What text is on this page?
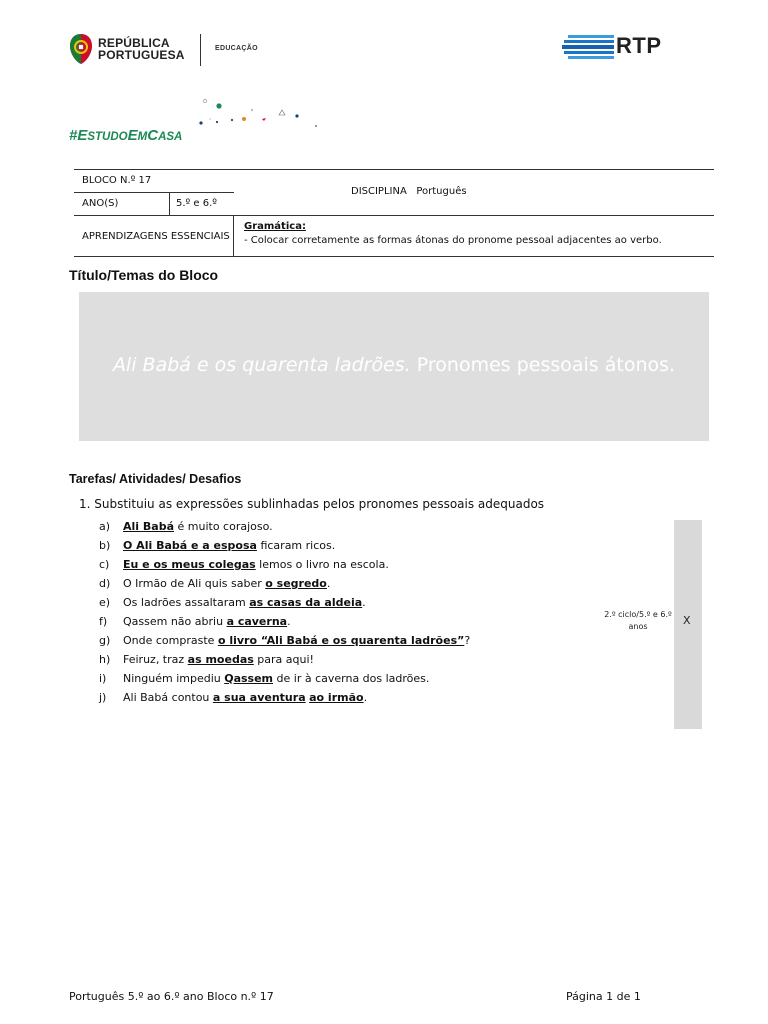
REPÚBLICA
PORTUGUESA	EDUCAÇÃO	RTP
#ESTUDOEMCASA
BLOCO N.º 17
ANO(S)	5.º e 6.º
DISCIPLINA Português
APRENDIZAGENS ESSENCIAIS
Gramática:
- Colocar corretamente as formas átonas do pronome pessoal adjacentes ao verbo.
Título/Temas do Bloco
Ali Babá e os quarenta ladrões. Pronomes pessoais átonos.
Tarefas/ Atividades/ Desafios
1. Substituiu as expressões sublinhadas pelos pronomes pessoais adequados
a)	Ali Babá é muito corajoso.
b)	O Ali Babá e a esposa ficaram ricos.
c)	Eu e os meus colegas lemos o livro na escola.
d)	O Irmão de Ali quis saber o segredo.
e)	Os ladrões assaltaram as casas da aldeia.
f)	Qassem não abriu a caverna.
g)	Onde compraste o livro “Ali Babá e os quarenta ladrões”?
h)	Feiruz, traz as moedas para aqui!
i)	Ninguém impediu Qassem de ir à caverna dos ladrões.
j)	Ali Babá contou a sua aventura ao irmão.
2.º ciclo/5.º e 6.º
anos	X
Português 5.º ao 6.º ano Bloco n.º 17	Página 1 de 1
